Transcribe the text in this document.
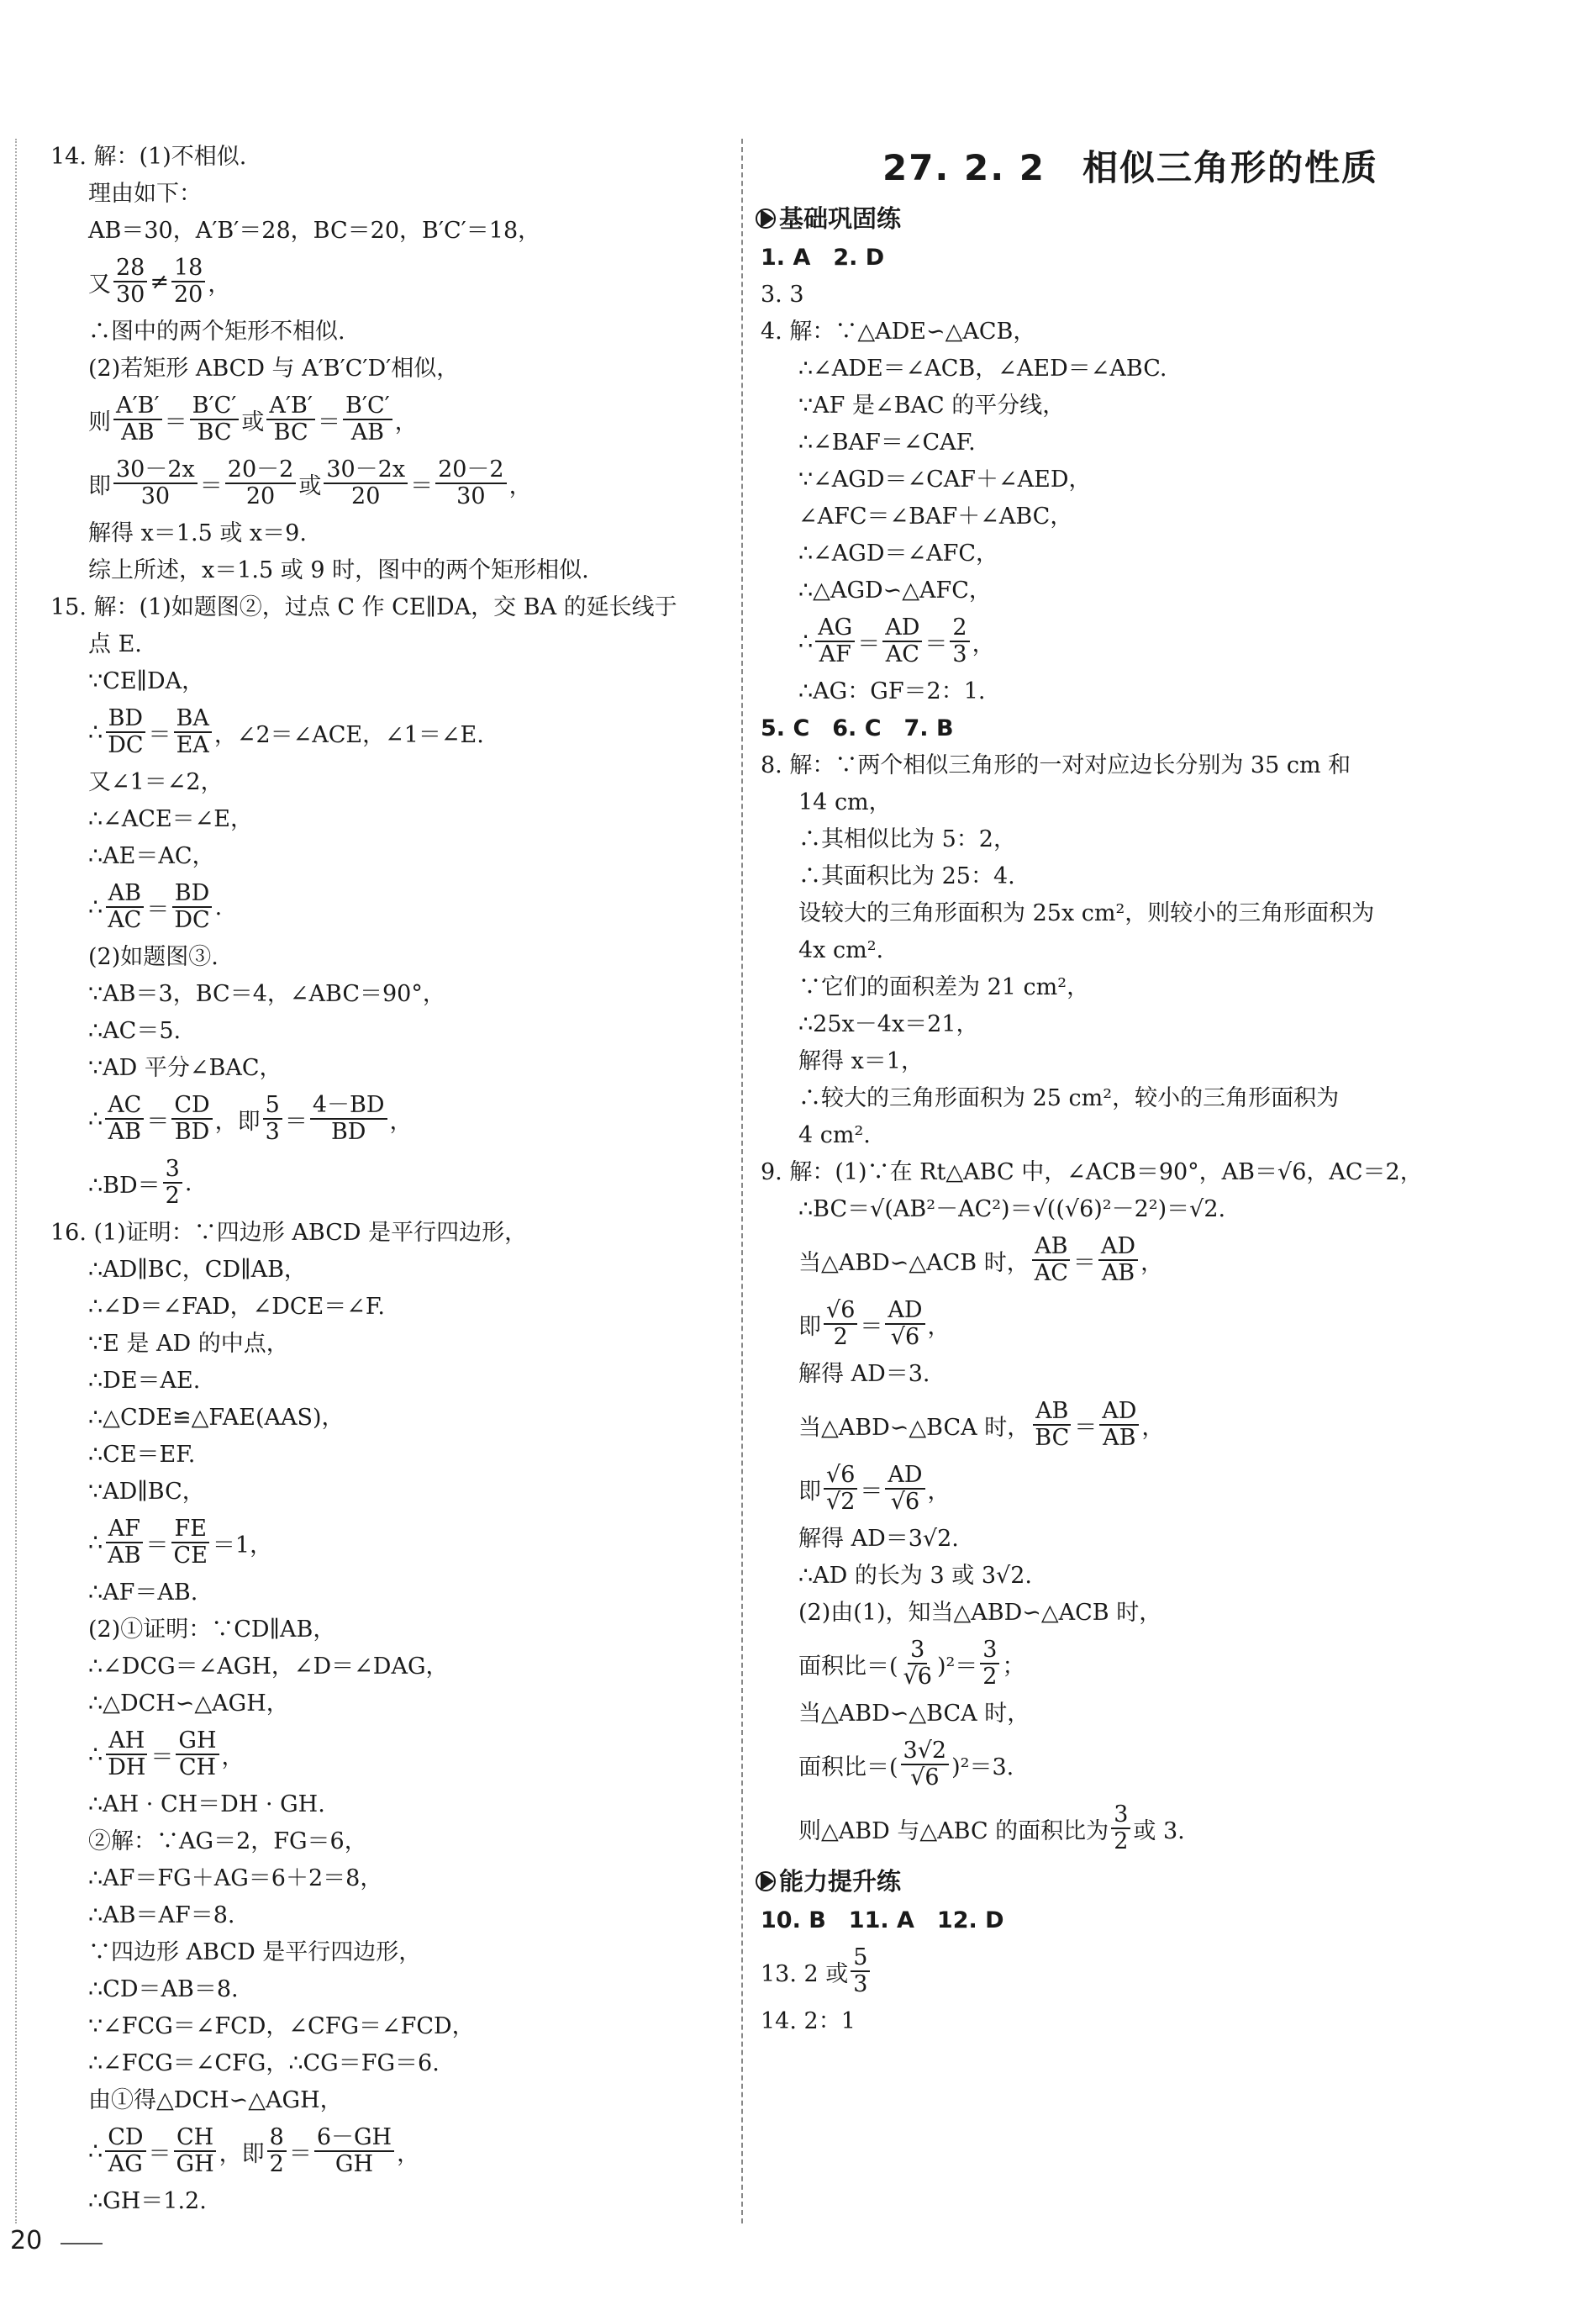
14. 解：(1)不相似.
理由如下：
AB＝30，A′B′＝28，BC＝20，B′C′＝18，
又 $\frac{28}{30} \ne \frac{18}{20}$ ，
∴图中的两个矩形不相似.
(2)若矩形 ABCD 与 A′B′C′D′相似，
则 $\frac{A'B'}{AB} = \frac{B'C'}{BC}$ 或 $\frac{A'B'}{BC} = \frac{B'C'}{AB}$ ，
即 $\frac{30-2x}{30} = \frac{20-2}{20}$ 或 $\frac{30-2x}{20} = \frac{20-2}{30}$ ，
解得 x＝1.5 或 x＝9.
综上所述，x＝1.5 或 9 时，图中的两个矩形相似.
15. 解：(1)如题图②，过点 C 作 CE∥DA，交 BA 的延长线于
点 E.
∵CE∥DA，
∴ $\frac{BD}{DC} = \frac{BA}{EA}$ ，∠2＝∠ACE，∠1＝∠E.
又∠1＝∠2，
∴∠ACE＝∠E，
∴AE＝AC，
∴ $\frac{AB}{AC} = \frac{BD}{DC}$ .
(2)如题图③.
∵AB＝3，BC＝4，∠ABC＝90°，
∴AC＝5.
∵AD 平分∠BAC，
∴ $\frac{AC}{AB} = \frac{CD}{BD}$ ，即 $\frac{5}{3} = \frac{4-BD}{BD}$ ，
∴BD＝ $\frac{3}{2}$ .
16. (1)证明：∵四边形 ABCD 是平行四边形，
∴AD∥BC，CD∥AB，
∴∠D＝∠FAD，∠DCE＝∠F.
∵E 是 AD 的中点，
∴DE＝AE.
∴△CDE≌△FAE(AAS)，
∴CE＝EF.
∵AD∥BC，
∴ $\frac{AF}{AB} = \frac{FE}{CE} =1$，
∴AF＝AB.
(2)①证明：∵CD∥AB，
∴∠DCG＝∠AGH，∠D＝∠DAG，
∴△DCH∽△AGH，
∴ $\frac{AH}{DH} = \frac{GH}{CH}$ ，
∴AH · CH＝DH · GH.
②解：∵AG＝2，FG＝6，
∴AF＝FG＋AG＝6＋2＝8，
∴AB＝AF＝8.
∵四边形 ABCD 是平行四边形，
∴CD＝AB＝8.
∵∠FCG＝∠FCD，∠CFG＝∠FCD，
∴∠FCG＝∠CFG，∴CG＝FG＝6.
由①得△DCH∽△AGH，
∴ $\frac{CD}{AG} = \frac{CH}{GH}$ ，即 $\frac{8}{2} = \frac{6-GH}{GH}$ ，
∴GH＝1.2.
27. 2. 2　相似三角形的性质
基础巩固练
1. A　2. D
3. 3
4. 解：∵△ADE∽△ACB，
∴∠ADE＝∠ACB，∠AED＝∠ABC.
∵AF 是∠BAC 的平分线，
∴∠BAF＝∠CAF.
∵∠AGD＝∠CAF＋∠AED，
∠AFC＝∠BAF＋∠ABC，
∴∠AGD＝∠AFC，
∴△AGD∽△AFC，
∴ $\frac{AG}{AF} = \frac{AD}{AC} = \frac{2}{3}$ ，
∴AG：GF＝2：1.
5. C　6. C　7. B
8. 解：∵两个相似三角形的一对对应边长分别为 35 cm 和
14 cm，
∴其相似比为 5：2，
∴其面积比为 25：4.
设较大的三角形面积为 25x cm²，则较小的三角形面积为
4x cm².
∵它们的面积差为 21 cm²，
∴25x－4x＝21，
解得 x＝1，
∴较大的三角形面积为 25 cm²，较小的三角形面积为
4 cm².
9. 解：(1)∵在 Rt△ABC 中，∠ACB＝90°，AB＝√6，AC＝2，
∴BC＝√(AB²－AC²)＝√((√6)²－2²)＝√2.
当△ABD∽△ACB 时， $\frac{AB}{AC} = \frac{AD}{AB}$ ，
即 $\frac{√6}{2} = \frac{AD}{√6}$ ，
解得 AD＝3.
当△ABD∽△BCA 时， $\frac{AB}{BC} = \frac{AD}{AB}$ ，
即 $\frac{√6}{√2} = \frac{AD}{√6}$ ，
解得 AD＝3√2.
∴AD 的长为 3 或 3√2.
(2)由(1)，知当△ABD∽△ACB 时，
面积比＝( $\frac{3}{√6} )^2= \frac{3}{2}$ ；
当△ABD∽△BCA 时，
面积比＝( $\frac{3√2}{√6} )^2=3$.
则△ABD 与△ABC 的面积比为 $\frac{3}{2}$ 或 3.
能力提升练
10. B　11. A　12. D
13. 2 或 $\frac{5}{3}$
14. 2：1
20
